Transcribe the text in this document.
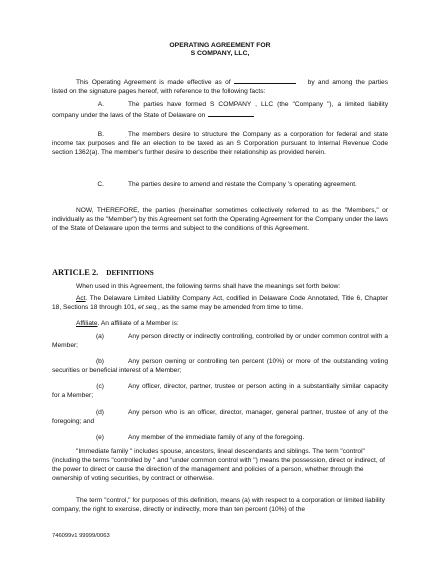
OPERATING AGREEMENT FOR
S COMPANY, LLC,
This Operating Agreement is made effective as of	by and among the parties listed on the signature pages hereof, with reference to the following facts:
A.	The parties have formed S COMPANY , LLC (the "Company "), a limited liability company under the laws of the State of Delaware on
B.	The members desire to structure the Company as a corporation for federal and state income tax purposes and file an election to be taxed as an S Corporation pursuant to Internal Revenue Code section 1362(a). The member's further desire to describe their relationship as provided herein.
C.	The parties desire to amend and restate the Company 's operating agreement.
NOW, THEREFORE, the parties (hereinafter sometimes collectively referred to as the "Members," or individually as the "Member") by this Agreement set forth the Operating Agreement for the Company under the laws of the State of Delaware upon the terms and subject to the conditions of this Agreement.
ARTICLE 2. DEFINITIONS
When used in this Agreement, the following terms shall have the meanings set forth below:
Act. The Delaware Limited Liability Company Act, codified in Delaware Code Annotated, Title 6, Chapter 18, Sections 18 through 101, et seq., as the same may be amended from time to time.
Affiliate. An affiliate of a Member is:
(a)	Any person directly or indirectly controlling, controlled by or under common control with a Member;
(b)	Any person owning or controlling ten percent (10%) or more of the outstanding voting securities or beneficial interest of a Member;
(c)	Any officer, director, partner, trustee or person acting in a substantially similar capacity for a Member;
(d)	Any person who is an officer, director, manager, general partner, trustee of any of the foregoing; and
(e)	Any member of the immediate family of any of the foregoing.
"Immediate family " includes spouse, ancestors, lineal descendants and siblings. The term "control" (including the terms "controlled by " and "under common control with ") means the possession, direct or indirect, of the power to direct or cause the direction of the management and policies of a person, whether through the ownership of voting securities, by contract or otherwise.
The term "control," for purposes of this definition, means (a) with respect to a corporation or limited liability company, the right to exercise, directly or indirectly, more than ten percent (10%) of the
746099v1 99999/0063
